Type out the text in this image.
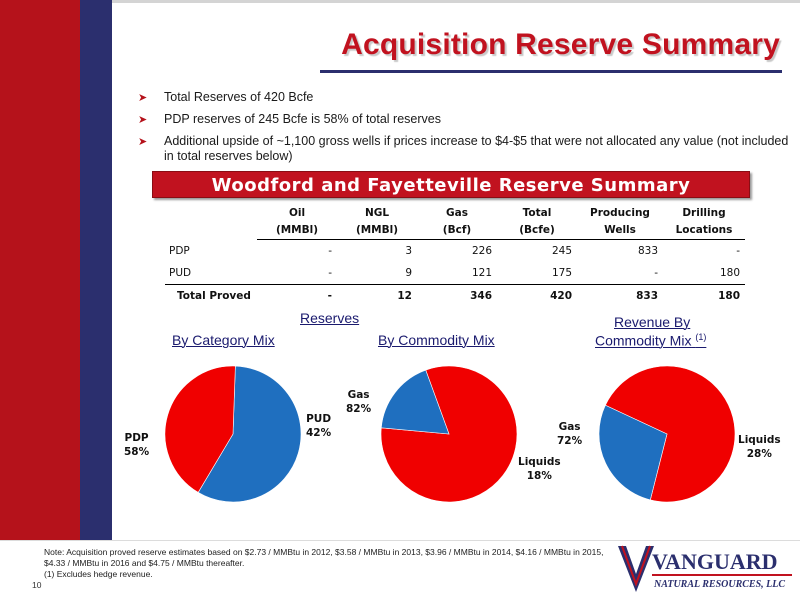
Acquisition Reserve Summary
➤ Total Reserves of 420 Bcfe
➤ PDP reserves of 245 Bcfe is 58% of total reserves
➤ Additional upside of ~1,100 gross wells if prices increase to $4-$5 that were not allocated any value (not included in total reserves below)
Woodford and Fayetteville Reserve Summary
	Oil	NGL	Gas	Total	Producing	Drilling
	(MMBl)	(MMBl)	(Bcf)	(Bcfe)	Wells	Locations
PDP	-	3	226	245	833	-
PUD	-	9	121	175	-	180
Total Proved	-	12	346	420	833	180
Reserves
By Category Mix	By Commodity Mix
Revenue By
Commodity Mix $^{(1)}$
PDP
58%
PUD
42%
Gas
82%
Liquids
18%
Gas
72%	Liquids
28%
Note: Acquisition proved reserve estimates based on $2.73 / MMBtu in 2012, $3.58 / MMBtu in 2013, $3.96 / MMBtu in 2014, $4.16 / MMBtu in 2015, $4.33 / MMBtu in 2016 and $4.75 / MMBtu thereafter.
(1) Excludes hedge revenue.
10
VANGUARD
NATURAL RESOURCES, LLC
